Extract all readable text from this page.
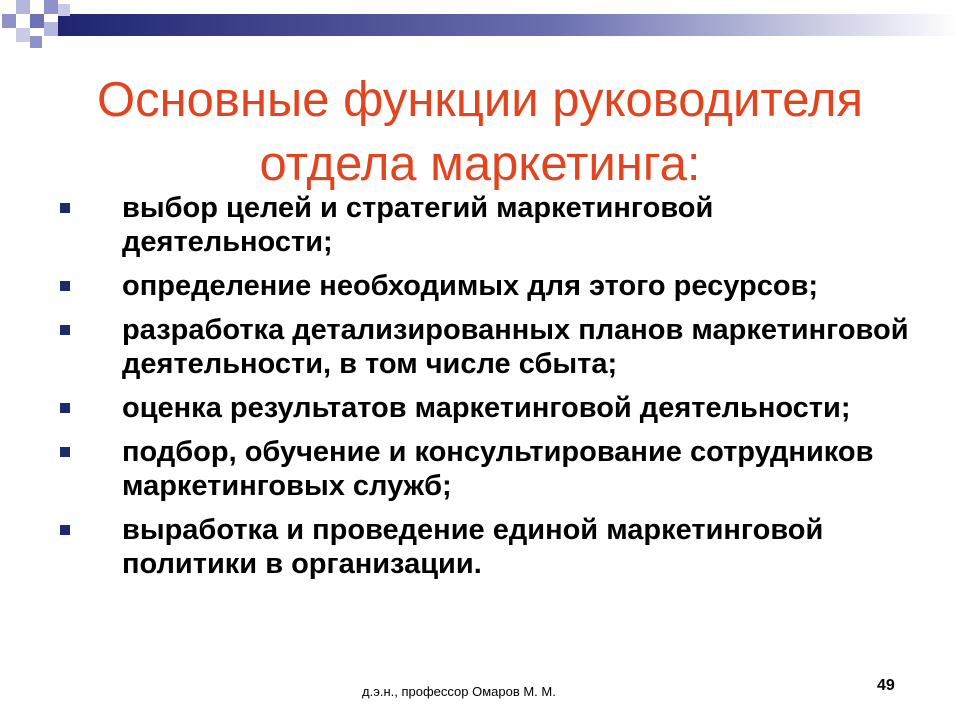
Основные функции руководителя
отдела маркетинга:
выбор целей и стратегий маркетинговой деятельности;
определение необходимых для этого ресурсов;
разработка детализированных планов маркетинговой деятельности, в том числе сбыта;
оценка результатов маркетинговой деятельности;
подбор, обучение и консультирование сотрудников маркетинговых служб;
выработка и проведение единой маркетинговой политики в организации.
д.э.н., профессор Омаров М. М.	49
